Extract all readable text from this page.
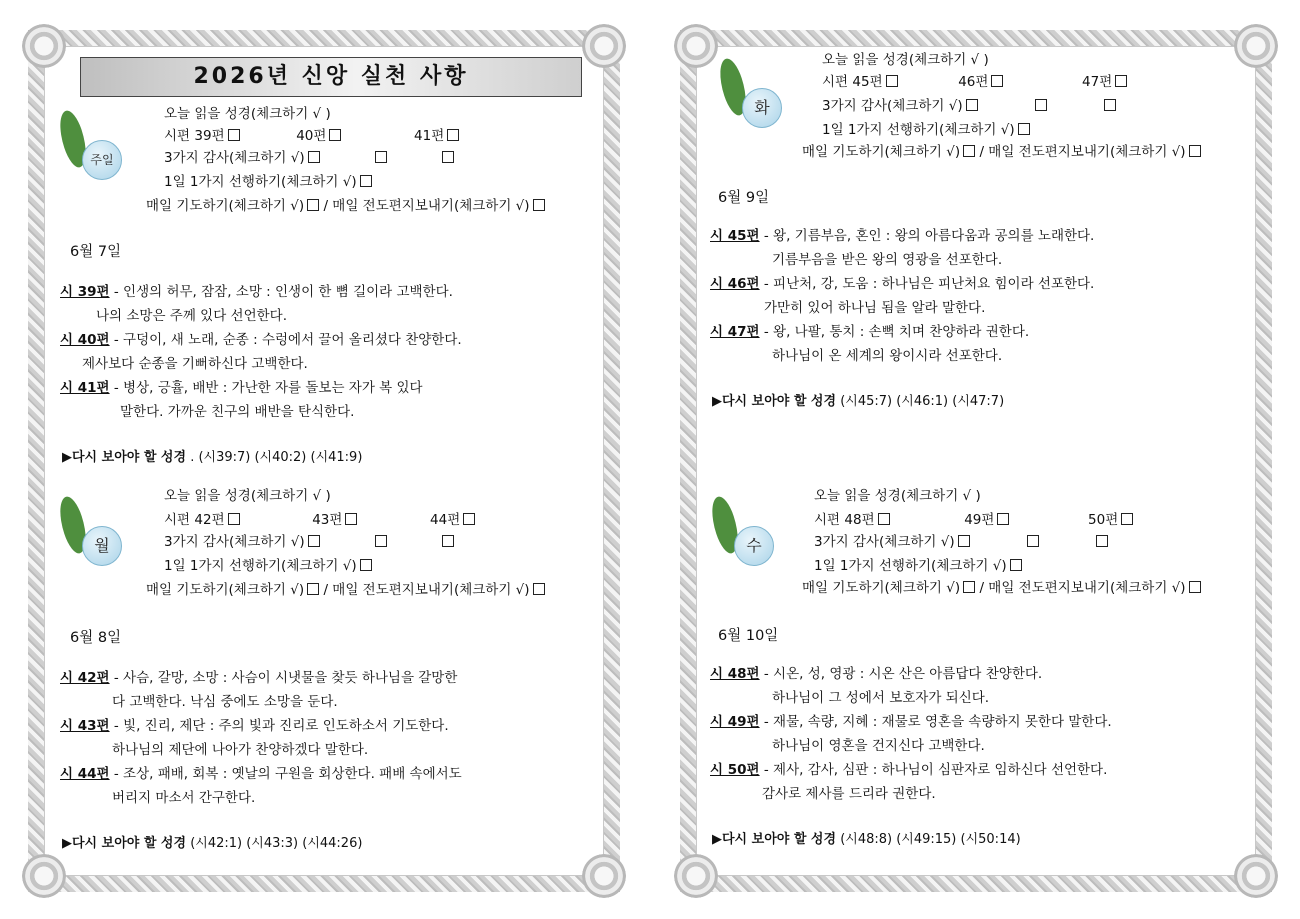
2026년 신앙 실천 사항
주일
오늘 읽을 성경(체크하기 √ )
시편 39편	40편	41편
3가지 감사(체크하기 √)
1일 1가지 선행하기(체크하기 √)
매일 기도하기(체크하기 √) / 매일 전도편지보내기(체크하기 √)
6월 7일
시 39편 - 인생의 허무, 잠잠, 소망 : 인생이 한 뼘 길이라 고백한다.
나의 소망은 주께 있다 선언한다.
시 40편 - 구덩이, 새 노래, 순종 : 수렁에서 끌어 올리셨다 찬양한다.
제사보다 순종을 기뻐하신다 고백한다.
시 41편 - 병상, 긍휼, 배반 : 가난한 자를 돌보는 자가 복 있다
말한다. 가까운 친구의 배반을 탄식한다.
▶다시 보아야 할 성경 . (시39:7) (시40:2) (시41:9)
월
오늘 읽을 성경(체크하기 √ )
시편 42편	43편	44편
3가지 감사(체크하기 √)
1일 1가지 선행하기(체크하기 √)
매일 기도하기(체크하기 √) / 매일 전도편지보내기(체크하기 √)
6월 8일
시 42편 - 사슴, 갈망, 소망 : 사슴이 시냇물을 찾듯 하나님을 갈망한
다 고백한다. 낙심 중에도 소망을 둔다.
시 43편 - 빛, 진리, 제단 : 주의 빛과 진리로 인도하소서 기도한다.
하나님의 제단에 나아가 찬양하겠다 말한다.
시 44편 - 조상, 패배, 회복 : 옛날의 구원을 회상한다. 패배 속에서도
버리지 마소서 간구한다.
▶다시 보아야 할 성경 (시42:1) (시43:3) (시44:26)
화
오늘 읽을 성경(체크하기 √ )
시편 45편	46편	47편
3가지 감사(체크하기 √)
1일 1가지 선행하기(체크하기 √)
매일 기도하기(체크하기 √) / 매일 전도편지보내기(체크하기 √)
6월 9일
시 45편 - 왕, 기름부음, 혼인 : 왕의 아름다움과 공의를 노래한다.
기름부음을 받은 왕의 영광을 선포한다.
시 46편 - 피난처, 강, 도움 : 하나님은 피난처요 힘이라 선포한다.
가만히 있어 하나님 됨을 알라 말한다.
시 47편 - 왕, 나팔, 통치 : 손뼉 치며 찬양하라 권한다.
하나님이 온 세계의 왕이시라 선포한다.
▶다시 보아야 할 성경 (시45:7) (시46:1) (시47:7)
수
오늘 읽을 성경(체크하기 √ )
시편 48편	49편	50편
3가지 감사(체크하기 √)
1일 1가지 선행하기(체크하기 √)
매일 기도하기(체크하기 √) / 매일 전도편지보내기(체크하기 √)
6월 10일
시 48편 - 시온, 성, 영광 : 시온 산은 아름답다 찬양한다.
하나님이 그 성에서 보호자가 되신다.
시 49편 - 재물, 속량, 지혜 : 재물로 영혼을 속량하지 못한다 말한다.
하나님이 영혼을 건지신다 고백한다.
시 50편 - 제사, 감사, 심판 : 하나님이 심판자로 임하신다 선언한다.
감사로 제사를 드리라 권한다.
▶다시 보아야 할 성경 (시48:8) (시49:15) (시50:14)
